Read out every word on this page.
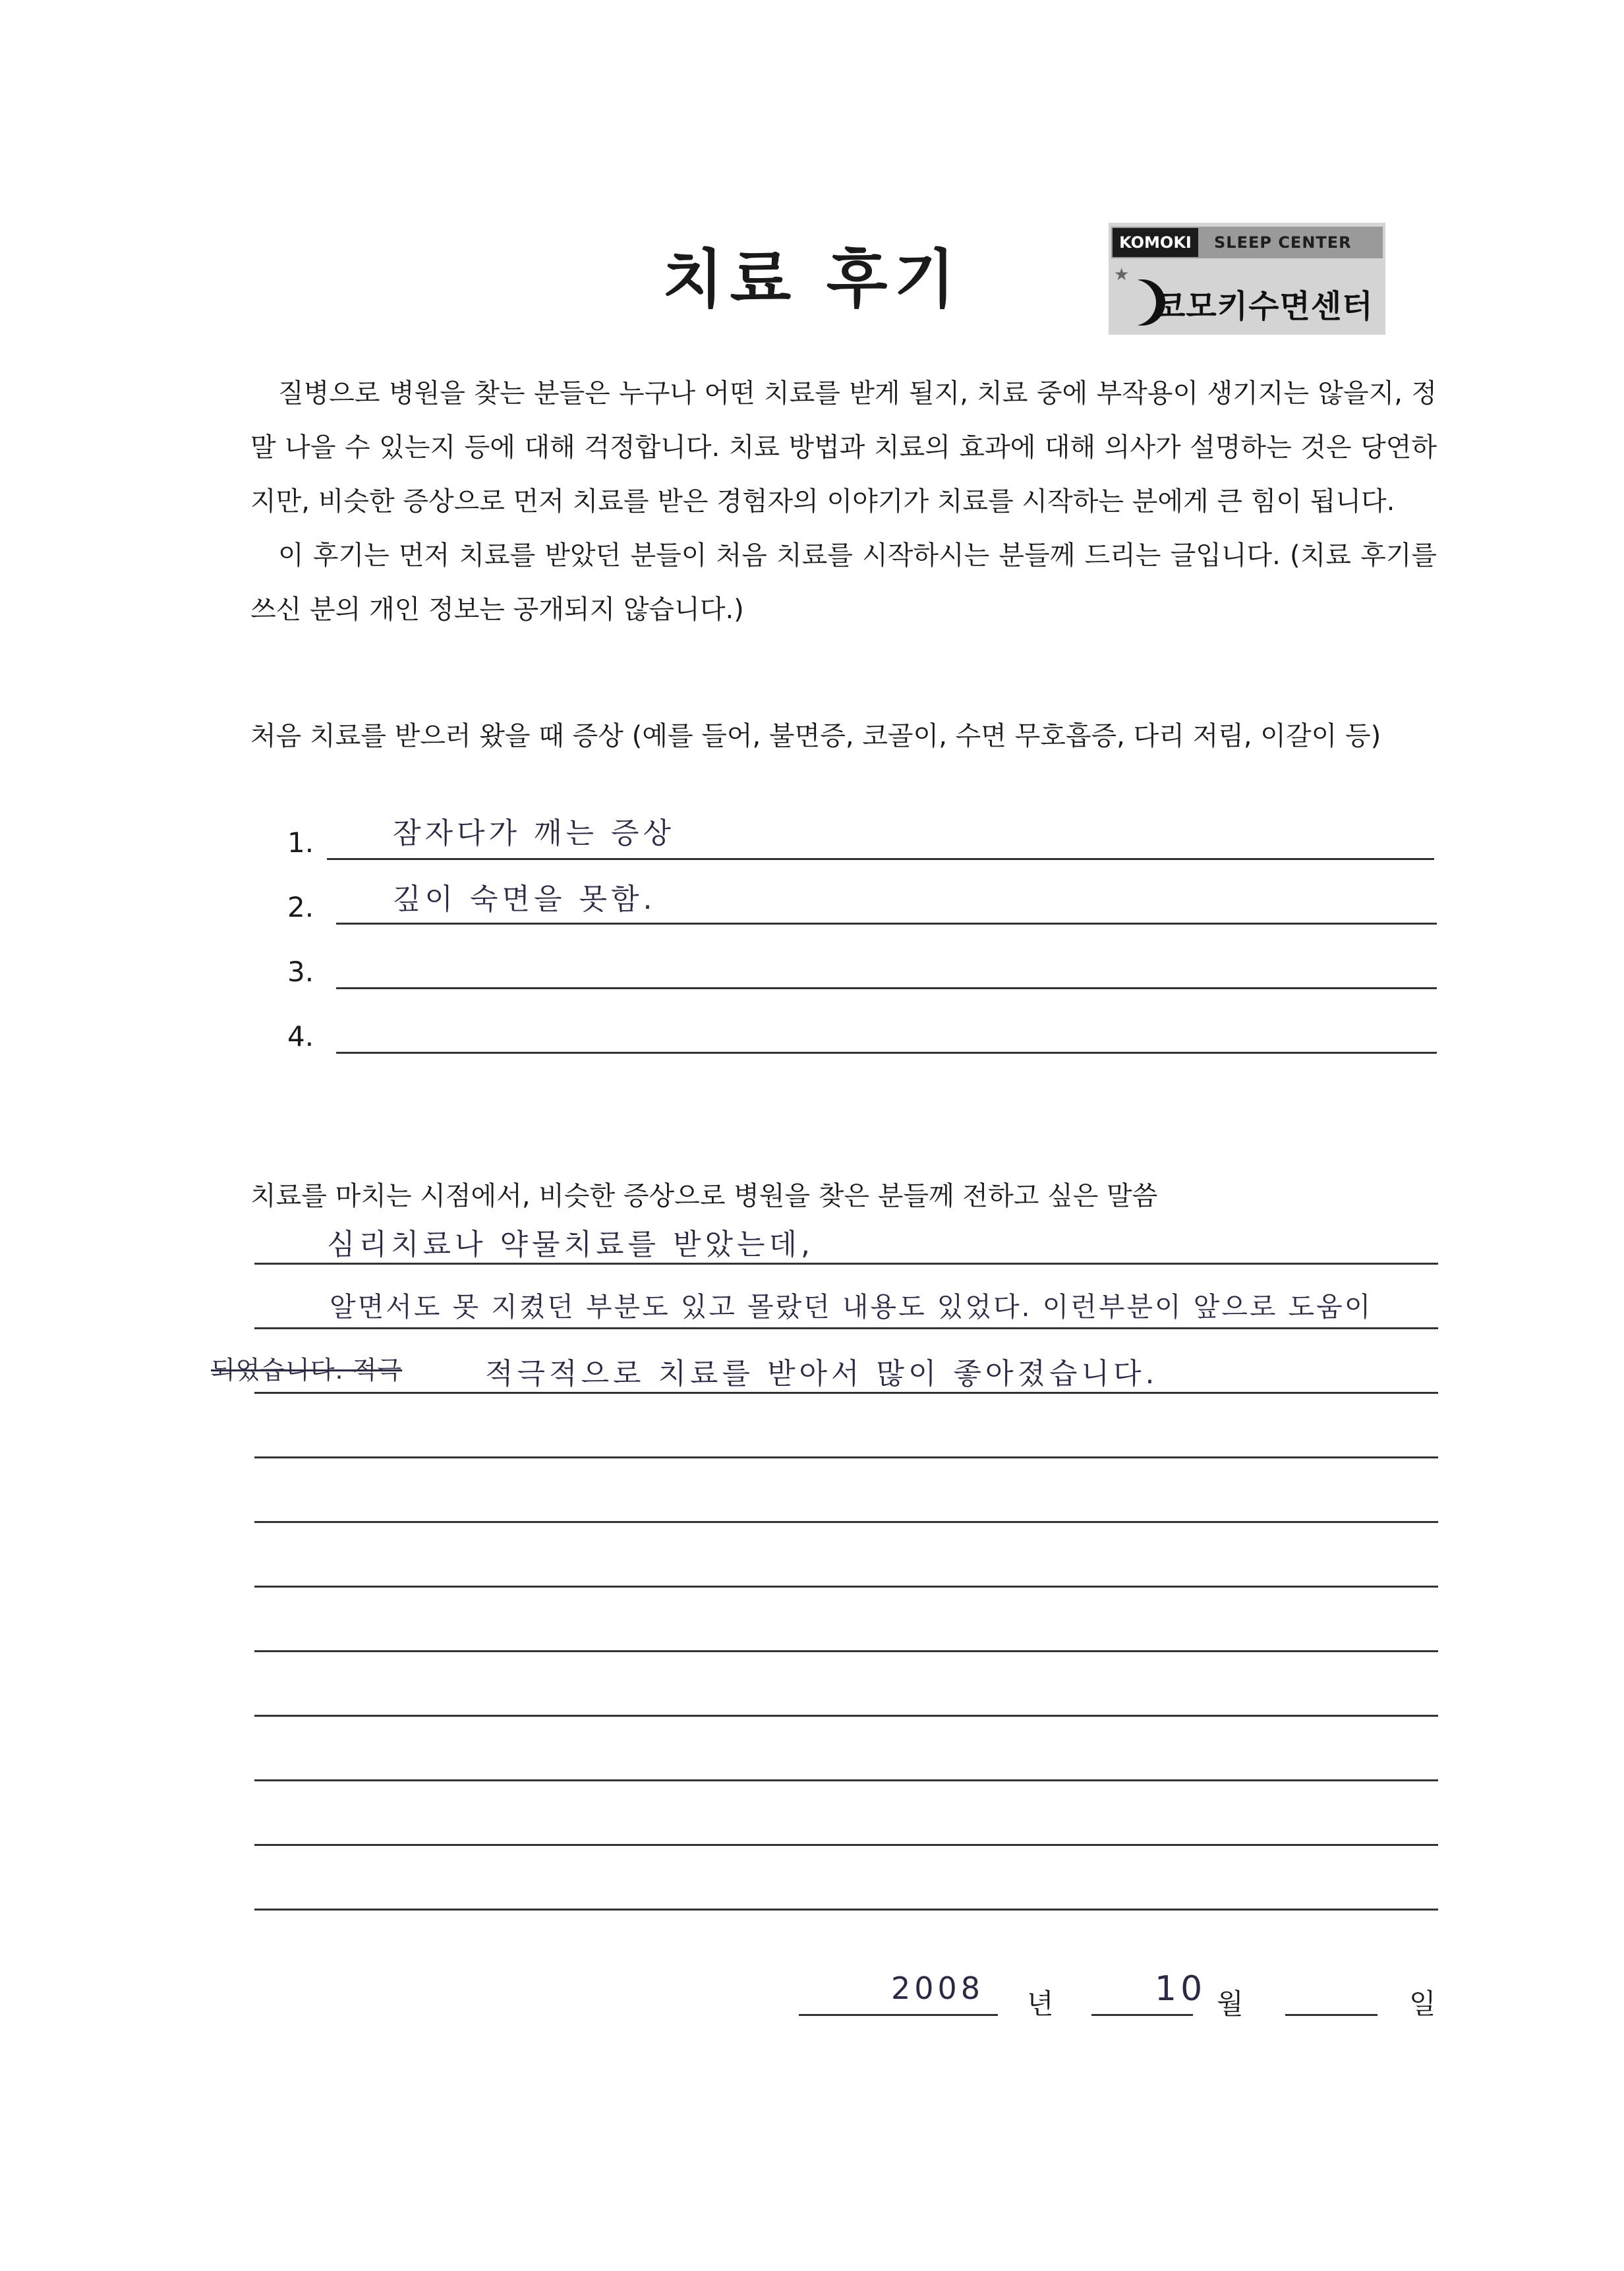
치료 후기	KOMOKI	SLEEP CENTER
★
코모키수면센터

질병으로 병원을 찾는 분들은 누구나 어떤 치료를 받게 될지, 치료 중에 부작용이 생기지는 않을지, 정말 나을 수 있는지 등에 대해 걱정합니다. 치료 방법과 치료의 효과에 대해 의사가 설명하는 것은 당연하지만, 비슷한 증상으로 먼저 치료를 받은 경험자의 이야기가 치료를 시작하는 분에게 큰 힘이 됩니다.

이 후기는 먼저 치료를 받았던 분들이 처음 치료를 시작하시는 분들께 드리는 글입니다. (치료 후기를 쓰신 분의 개인 정보는 공개되지 않습니다.)

처음 치료를 받으러 왔을 때 증상 (예를 들어, 불면증, 코골이, 수면 무호흡증, 다리 저림, 이갈이 등)
1.	잠자다가 깨는 증상
2.	깊이 숙면을 못함.
3.
4.
치료를 마치는 시점에서, 비슷한 증상으로 병원을 찾은 분들께 전하고 싶은 말씀
심리치료나 약물치료를 받았는데,
알면서도 못 지켰던 부분도 있고 몰랐던 내용도 있었다. 이런부분이 앞으로 도움이
되었습니다. 적극	적극적으로 치료를 받아서 많이 좋아졌습니다.
2008 년	10 월	일
